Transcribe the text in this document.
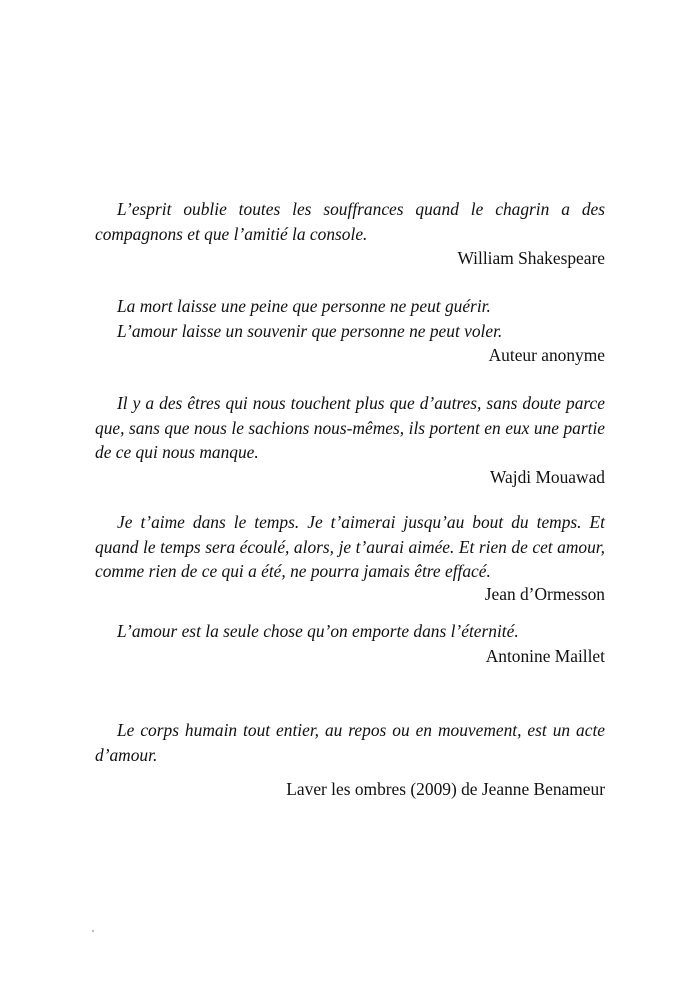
L’esprit oublie toutes les souffrances quand le chagrin a des compagnons et que l’amitié la console.

William Shakespeare

La mort laisse une peine que personne ne peut guérir.

L’amour laisse un souvenir que personne ne peut voler.

Auteur anonyme

Il y a des êtres qui nous touchent plus que d’autres, sans doute parce que, sans que nous le sachions nous-mêmes, ils portent en eux une partie de ce qui nous manque.

Wajdi Mouawad

Je t’aime dans le temps. Je t’aimerai jusqu’au bout du temps. Et quand le temps sera écoulé, alors, je t’aurai aimée. Et rien de cet amour, comme rien de ce qui a été, ne pourra jamais être effacé.

Jean d’Ormesson

L’amour est la seule chose qu’on emporte dans l’éternité.

Antonine Maillet

Le corps humain tout entier, au repos ou en mouvement, est un acte d’amour.

Laver les ombres (2009) de Jeanne Benameur
